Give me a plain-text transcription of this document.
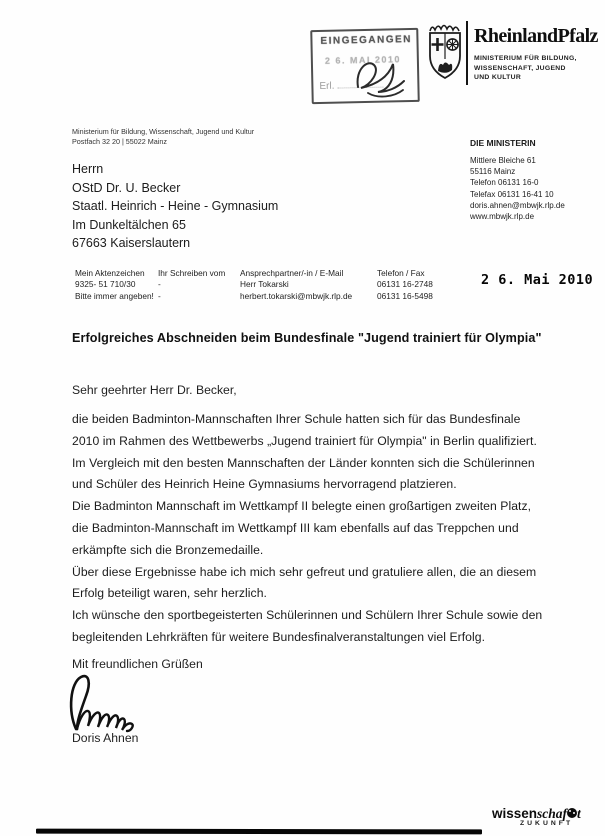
EINGEGANGEN
2 6. MAI 2010
Erl.
RheinlandPfalz
MINISTERIUM FÜR BILDUNG,
WISSENSCHAFT, JUGEND
UND KULTUR
Ministerium für Bildung, Wissenschaft, Jugend und Kultur
Postfach 32 20 | 55022 Mainz
Herrn
OStD Dr. U. Becker
Staatl. Heinrich - Heine - Gymnasium
Im Dunkeltälchen 65
67663 Kaiserslautern
DIE MINISTERIN
Mittlere Bleiche 61
55116 Mainz
Telefon 06131 16-0
Telefax 06131 16-41 10
doris.ahnen@mbwjk.rlp.de
www.mbwjk.rlp.de
Mein Aktenzeichen
9325- 51 710/30
Bitte immer angeben!
Ihr Schreiben vom
-
-
Ansprechpartner/-in / E-Mail
Herr Tokarski
herbert.tokarski@mbwjk.rlp.de
Telefon / Fax
06131 16-2748
06131 16-5498
2 6. Mai 2010
Erfolgreiches Abschneiden beim Bundesfinale "Jugend trainiert für Olympia"
Sehr geehrter Herr Dr. Becker,
die beiden Badminton-Mannschaften Ihrer Schule hatten sich für das Bundesfinale
2010 im Rahmen des Wettbewerbs „Jugend trainiert für Olympia" in Berlin qualifiziert.
Im Vergleich mit den besten Mannschaften der Länder konnten sich die Schülerinnen
und Schüler des Heinrich Heine Gymnasiums hervorragend platzieren.
Die Badminton Mannschaft im Wettkampf II belegte einen großartigen zweiten Platz,
die Badminton-Mannschaft im Wettkampf III kam ebenfalls auf das Treppchen und
erkämpfte sich die Bronzemedaille.
Über diese Ergebnisse habe ich mich sehr gefreut und gratuliere allen, die an diesem
Erfolg beteiligt waren, sehr herzlich.
Ich wünsche den sportbegeisterten Schülerinnen und Schülern Ihrer Schule sowie den
begleitenden Lehrkräften für weitere Bundesfinalveranstaltungen viel Erfolg.
Mit freundlichen Grüßen
Doris Ahnen
wissenschaf t
ZUKUNFT
